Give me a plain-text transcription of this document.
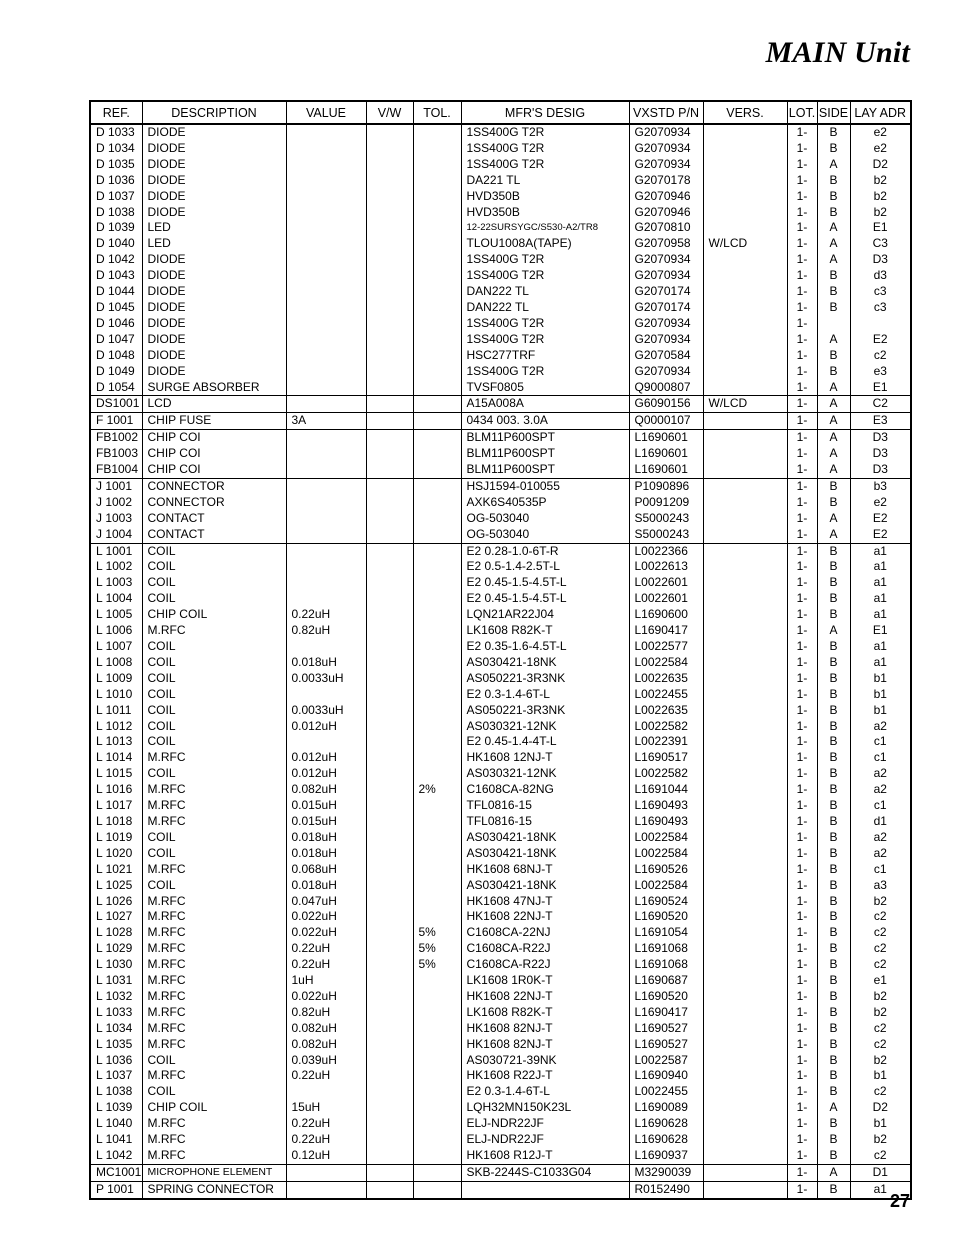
MAIN Unit
REF.	DESCRIPTION	VALUE	V/W	TOL.	MFR'S DESIG	VXSTD P/N	VERS.	LOT.	SIDE	LAY ADR
D 1033	DIODE				1SS400G T2R	G2070934		1-	B	e2
D 1034	DIODE				1SS400G T2R	G2070934		1-	B	e2
D 1035	DIODE				1SS400G T2R	G2070934		1-	A	D2
D 1036	DIODE				DA221 TL	G2070178		1-	B	b2
D 1037	DIODE				HVD350B	G2070946		1-	B	b2
D 1038	DIODE				HVD350B	G2070946		1-	B	b2
D 1039	LED				12-22SURSYGC/S530-A2/TR8	G2070810		1-	A	E1
D 1040	LED				TLOU1008A(TAPE)	G2070958	W/LCD	1-	A	C3
D 1042	DIODE				1SS400G T2R	G2070934		1-	A	D3
D 1043	DIODE				1SS400G T2R	G2070934		1-	B	d3
D 1044	DIODE				DAN222 TL	G2070174		1-	B	c3
D 1045	DIODE				DAN222 TL	G2070174		1-	B	c3
D 1046	DIODE				1SS400G T2R	G2070934		1-		
D 1047	DIODE				1SS400G T2R	G2070934		1-	A	E2
D 1048	DIODE				HSC277TRF	G2070584		1-	B	c2
D 1049	DIODE				1SS400G T2R	G2070934		1-	B	e3
D 1054	SURGE ABSORBER				TVSF0805	Q9000807		1-	A	E1
DS1001	LCD				A15A008A	G6090156	W/LCD	1-	A	C2
F 1001	CHIP FUSE	3A			0434 003. 3.0A	Q0000107		1-	A	E3
FB1002	CHIP COI				BLM11P600SPT	L1690601		1-	A	D3
FB1003	CHIP COI				BLM11P600SPT	L1690601		1-	A	D3
FB1004	CHIP COI				BLM11P600SPT	L1690601		1-	A	D3
J 1001	CONNECTOR				HSJ1594-010055	P1090896		1-	B	b3
J 1002	CONNECTOR				AXK6S40535P	P0091209		1-	B	e2
J 1003	CONTACT				OG-503040	S5000243		1-	A	E2
J 1004	CONTACT				OG-503040	S5000243		1-	A	E2
L 1001	COIL				E2 0.28-1.0-6T-R	L0022366		1-	B	a1
L 1002	COIL				E2 0.5-1.4-2.5T-L	L0022613		1-	B	a1
L 1003	COIL				E2 0.45-1.5-4.5T-L	L0022601		1-	B	a1
L 1004	COIL				E2 0.45-1.5-4.5T-L	L0022601		1-	B	a1
L 1005	CHIP COIL	0.22uH			LQN21AR22J04	L1690600		1-	B	a1
L 1006	M.RFC	0.82uH			LK1608 R82K-T	L1690417		1-	A	E1
L 1007	COIL				E2 0.35-1.6-4.5T-L	L0022577		1-	B	a1
L 1008	COIL	0.018uH			AS030421-18NK	L0022584		1-	B	a1
L 1009	COIL	0.0033uH			AS050221-3R3NK	L0022635		1-	B	b1
L 1010	COIL				E2 0.3-1.4-6T-L	L0022455		1-	B	b1
L 1011	COIL	0.0033uH			AS050221-3R3NK	L0022635		1-	B	b1
L 1012	COIL	0.012uH			AS030321-12NK	L0022582		1-	B	a2
L 1013	COIL				E2 0.45-1.4-4T-L	L0022391		1-	B	c1
L 1014	M.RFC	0.012uH			HK1608 12NJ-T	L1690517		1-	B	c1
L 1015	COIL	0.012uH			AS030321-12NK	L0022582		1-	B	a2
L 1016	M.RFC	0.082uH		2%	C1608CA-82NG	L1691044		1-	B	a2
L 1017	M.RFC	0.015uH			TFL0816-15	L1690493		1-	B	c1
L 1018	M.RFC	0.015uH			TFL0816-15	L1690493		1-	B	d1
L 1019	COIL	0.018uH			AS030421-18NK	L0022584		1-	B	a2
L 1020	COIL	0.018uH			AS030421-18NK	L0022584		1-	B	a2
L 1021	M.RFC	0.068uH			HK1608 68NJ-T	L1690526		1-	B	c1
L 1025	COIL	0.018uH			AS030421-18NK	L0022584		1-	B	a3
L 1026	M.RFC	0.047uH			HK1608 47NJ-T	L1690524		1-	B	b2
L 1027	M.RFC	0.022uH			HK1608 22NJ-T	L1690520		1-	B	c2
L 1028	M.RFC	0.022uH		5%	C1608CA-22NJ	L1691054		1-	B	c2
L 1029	M.RFC	0.22uH		5%	C1608CA-R22J	L1691068		1-	B	c2
L 1030	M.RFC	0.22uH		5%	C1608CA-R22J	L1691068		1-	B	c2
L 1031	M.RFC	1uH			LK1608 1R0K-T	L1690687		1-	B	e1
L 1032	M.RFC	0.022uH			HK1608 22NJ-T	L1690520		1-	B	b2
L 1033	M.RFC	0.82uH			LK1608 R82K-T	L1690417		1-	B	b2
L 1034	M.RFC	0.082uH			HK1608 82NJ-T	L1690527		1-	B	c2
L 1035	M.RFC	0.082uH			HK1608 82NJ-T	L1690527		1-	B	c2
L 1036	COIL	0.039uH			AS030721-39NK	L0022587		1-	B	b2
L 1037	M.RFC	0.22uH			HK1608 R22J-T	L1690940		1-	B	b1
L 1038	COIL				E2 0.3-1.4-6T-L	L0022455		1-	B	c2
L 1039	CHIP COIL	15uH			LQH32MN150K23L	L1690089		1-	A	D2
L 1040	M.RFC	0.22uH			ELJ-NDR22JF	L1690628		1-	B	b1
L 1041	M.RFC	0.22uH			ELJ-NDR22JF	L1690628		1-	B	b2
L 1042	M.RFC	0.12uH			HK1608 R12J-T	L1690937		1-	B	c2
MC1001	MICROPHONE ELEMENT				SKB-2244S-C1033G04	M3290039		1-	A	D1
P 1001	SPRING CONNECTOR					R0152490		1-	B	a1
27
